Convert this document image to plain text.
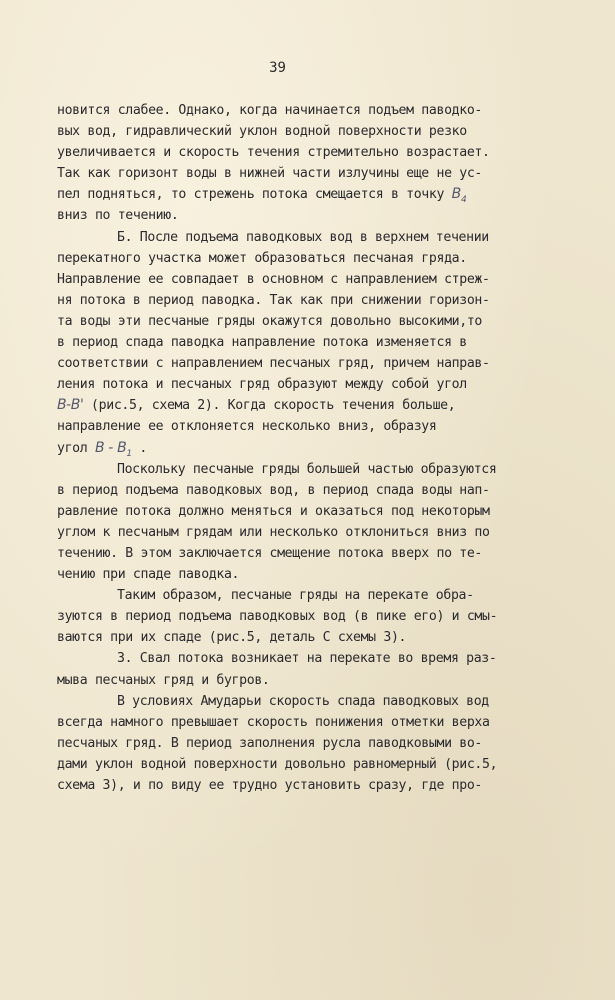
39
новится слабее. Однако, когда начинается подъем паводко-
вых вод, гидравлический уклон водной поверхности резко
увеличивается и скорость течения стремительно возрастает.
Так как горизонт воды в нижней части излучины еще не ус-
пел подняться, то стрежень потока смещается в точку $B_4$
вниз по течению.
Б. После подъема паводковых вод в верхнем течении
перекатного участка может образоваться песчаная гряда.
Направление ее совпадает в основном с направлением стреж-
ня потока в период паводка. Так как при снижении горизон-
та воды эти песчаные гряды окажутся довольно высокими,то
в период спада паводка направление потока изменяется в
соответствии с направлением песчаных гряд, причем направ-
ления потока и песчаных гряд образуют между собой угол
B-B' (рис.5, схема 2). Когда скорость течения больше,
направление ее отклоняется несколько вниз, образуя
угол B - $B_1$ .
Поскольку песчаные гряды большей частью образуются
в период подъема паводковых вод, в период спада воды нап-
равление потока должно меняться и оказаться под некоторым
углом к песчаным грядам или несколько отклониться вниз по
течению. В этом заключается смещение потока вверх по те-
чению при спаде паводка.
Таким образом, песчаные гряды на перекате обра-
зуются в период подъема паводковых вод (в пике его) и смы-
ваются при их спаде (рис.5, деталь С схемы 3).
3. Свал потока возникает на перекате во время раз-
мыва песчаных гряд и бугров.
В условиях Амударьи скорость спада паводковых вод
всегда намного превышает скорость понижения отметки верха
песчаных гряд. В период заполнения русла паводковыми во-
дами уклон водной поверхности довольно равномерный (рис.5,
схема 3), и по виду ее трудно установить сразу, где про-
